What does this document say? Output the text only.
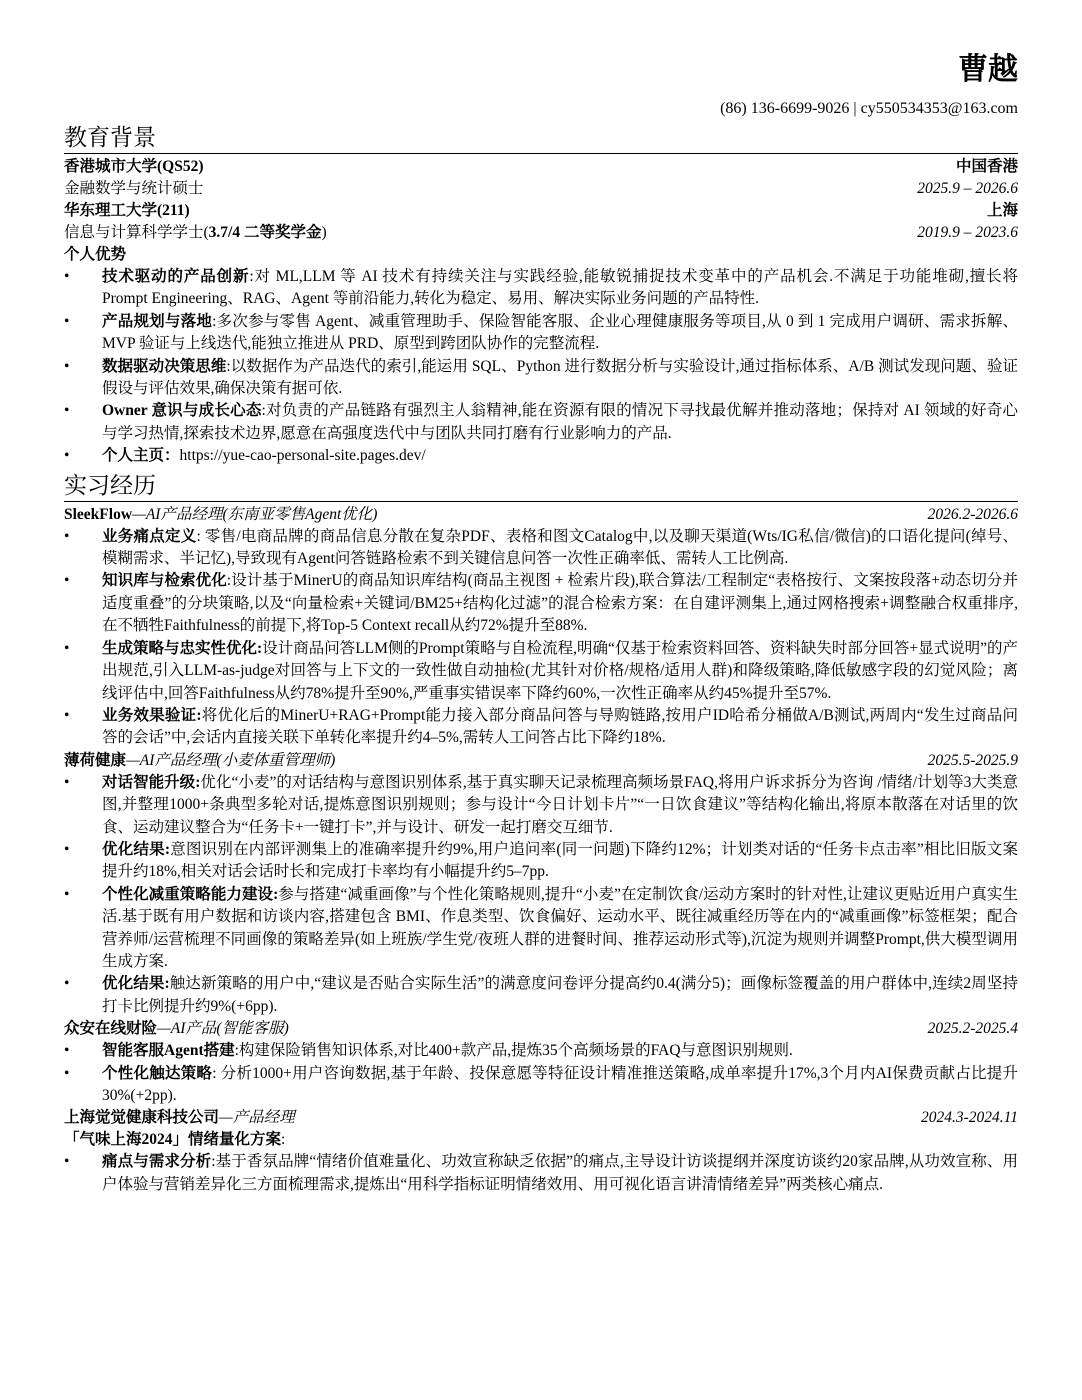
曹越
(86) 136-6699-9026 | cy550534353@163.com
教育背景
香港城市大学(QS52)	中国香港
金融数学与统计硕士	2025.9 – 2026.6
华东理工大学(211)	上海
信息与计算科学学士(3.7/4 二等奖学金)	2019.9 – 2023.6
个人优势
• 技术驱动的产品创新:对 ML,LLM 等 AI 技术有持续关注与实践经验,能敏锐捕捉技术变革中的产品机会.不满足于功能堆砌,擅长将 Prompt Engineering、RAG、Agent 等前沿能力,转化为稳定、易用、解决实际业务问题的产品特性.
• 产品规划与落地:多次参与零售 Agent、减重管理助手、保险智能客服、企业心理健康服务等项目,从 0 到 1 完成用户调研、需求拆解、MVP 验证与上线迭代,能独立推进从 PRD、原型到跨团队协作的完整流程.
• 数据驱动决策思维:以数据作为产品迭代的索引,能运用 SQL、Python 进行数据分析与实验设计,通过指标体系、A/B 测试发现问题、验证假设与评估效果,确保决策有据可依.
• Owner 意识与成长心态:对负责的产品链路有强烈主人翁精神,能在资源有限的情况下寻找最优解并推动落地；保持对 AI 领域的好奇心与学习热情,探索技术边界,愿意在高强度迭代中与团队共同打磨有行业影响力的产品.
• 个人主页：https://yue-cao-personal-site.pages.dev/
实习经历
SleekFlow—AI产品经理(东南亚零售Agent优化)	2026.2-2026.6
• 业务痛点定义: 零售/电商品牌的商品信息分散在复杂PDF、表格和图文Catalog中,以及聊天渠道(Wts/IG私信/微信)的口语化提问(绰号、模糊需求、半记忆),导致现有Agent问答链路检索不到关键信息问答一次性正确率低、需转人工比例高.
• 知识库与检索优化:设计基于MinerU的商品知识库结构(商品主视图 + 检索片段),联合算法/工程制定“表格按行、文案按段落+动态切分并适度重叠”的分块策略,以及“向量检索+关键词/BM25+结构化过滤”的混合检索方案：在自建评测集上,通过网格搜索+调整融合权重排序,在不牺牲Faithfulness的前提下,将Top-5 Context recall从约72%提升至88%.
• 生成策略与忠实性优化:设计商品问答LLM侧的Prompt策略与自检流程,明确“仅基于检索资料回答、资料缺失时部分回答+显式说明”的产出规范,引入LLM-as-judge对回答与上下文的一致性做自动抽检(尤其针对价格/规格/适用人群)和降级策略,降低敏感字段的幻觉风险；离线评估中,回答Faithfulness从约78%提升至90%,严重事实错误率下降约60%,一次性正确率从约45%提升至57%.
• 业务效果验证:将优化后的MinerU+RAG+Prompt能力接入部分商品问答与导购链路,按用户ID哈希分桶做A/B测试,两周内“发生过商品问答的会话”中,会话内直接关联下单转化率提升约4–5%,需转人工问答占比下降约18%.
薄荷健康—AI产品经理(小麦体重管理师)	2025.5-2025.9
• 对话智能升级:优化“小麦”的对话结构与意图识别体系,基于真实聊天记录梳理高频场景FAQ,将用户诉求拆分为咨询 /情绪/计划等3大类意图,并整理1000+条典型多轮对话,提炼意图识别规则；参与设计“今日计划卡片”“一日饮食建议”等结构化输出,将原本散落在对话里的饮食、运动建议整合为“任务卡+一键打卡”,并与设计、研发一起打磨交互细节.
• 优化结果:意图识别在内部评测集上的准确率提升约9%,用户追问率(同一问题)下降约12%；计划类对话的“任务卡点击率”相比旧版文案提升约18%,相关对话会话时长和完成打卡率均有小幅提升约5–7pp.
• 个性化减重策略能力建设:参与搭建“减重画像”与个性化策略规则,提升“小麦”在定制饮食/运动方案时的针对性,让建议更贴近用户真实生活.基于既有用户数据和访谈内容,搭建包含 BMI、作息类型、饮食偏好、运动水平、既往减重经历等在内的“减重画像”标签框架；配合营养师/运营梳理不同画像的策略差异(如上班族/学生党/夜班人群的进餐时间、推荐运动形式等),沉淀为规则并调整Prompt,供大模型调用生成方案.
• 优化结果:触达新策略的用户中,“建议是否贴合实际生活”的满意度问卷评分提高约0.4(满分5)；画像标签覆盖的用户群体中,连续2周坚持打卡比例提升约9%(+6pp).
众安在线财险—AI产品(智能客服)	2025.2-2025.4
• 智能客服Agent搭建:构建保险销售知识体系,对比400+款产品,提炼35个高频场景的FAQ与意图识别规则.
• 个性化触达策略: 分析1000+用户咨询数据,基于年龄、投保意愿等特征设计精准推送策略,成单率提升17%,3个月内AI保费贡献占比提升30%(+2pp).
上海觉觉健康科技公司—产品经理	2024.3-2024.11
「气味上海2024」情绪量化方案:
• 痛点与需求分析:基于香氛品牌“情绪价值难量化、功效宣称缺乏依据”的痛点,主导设计访谈提纲并深度访谈约20家品牌,从功效宣称、用户体验与营销差异化三方面梳理需求,提炼出“用科学指标证明情绪效用、用可视化语言讲清情绪差异”两类核心痛点.
